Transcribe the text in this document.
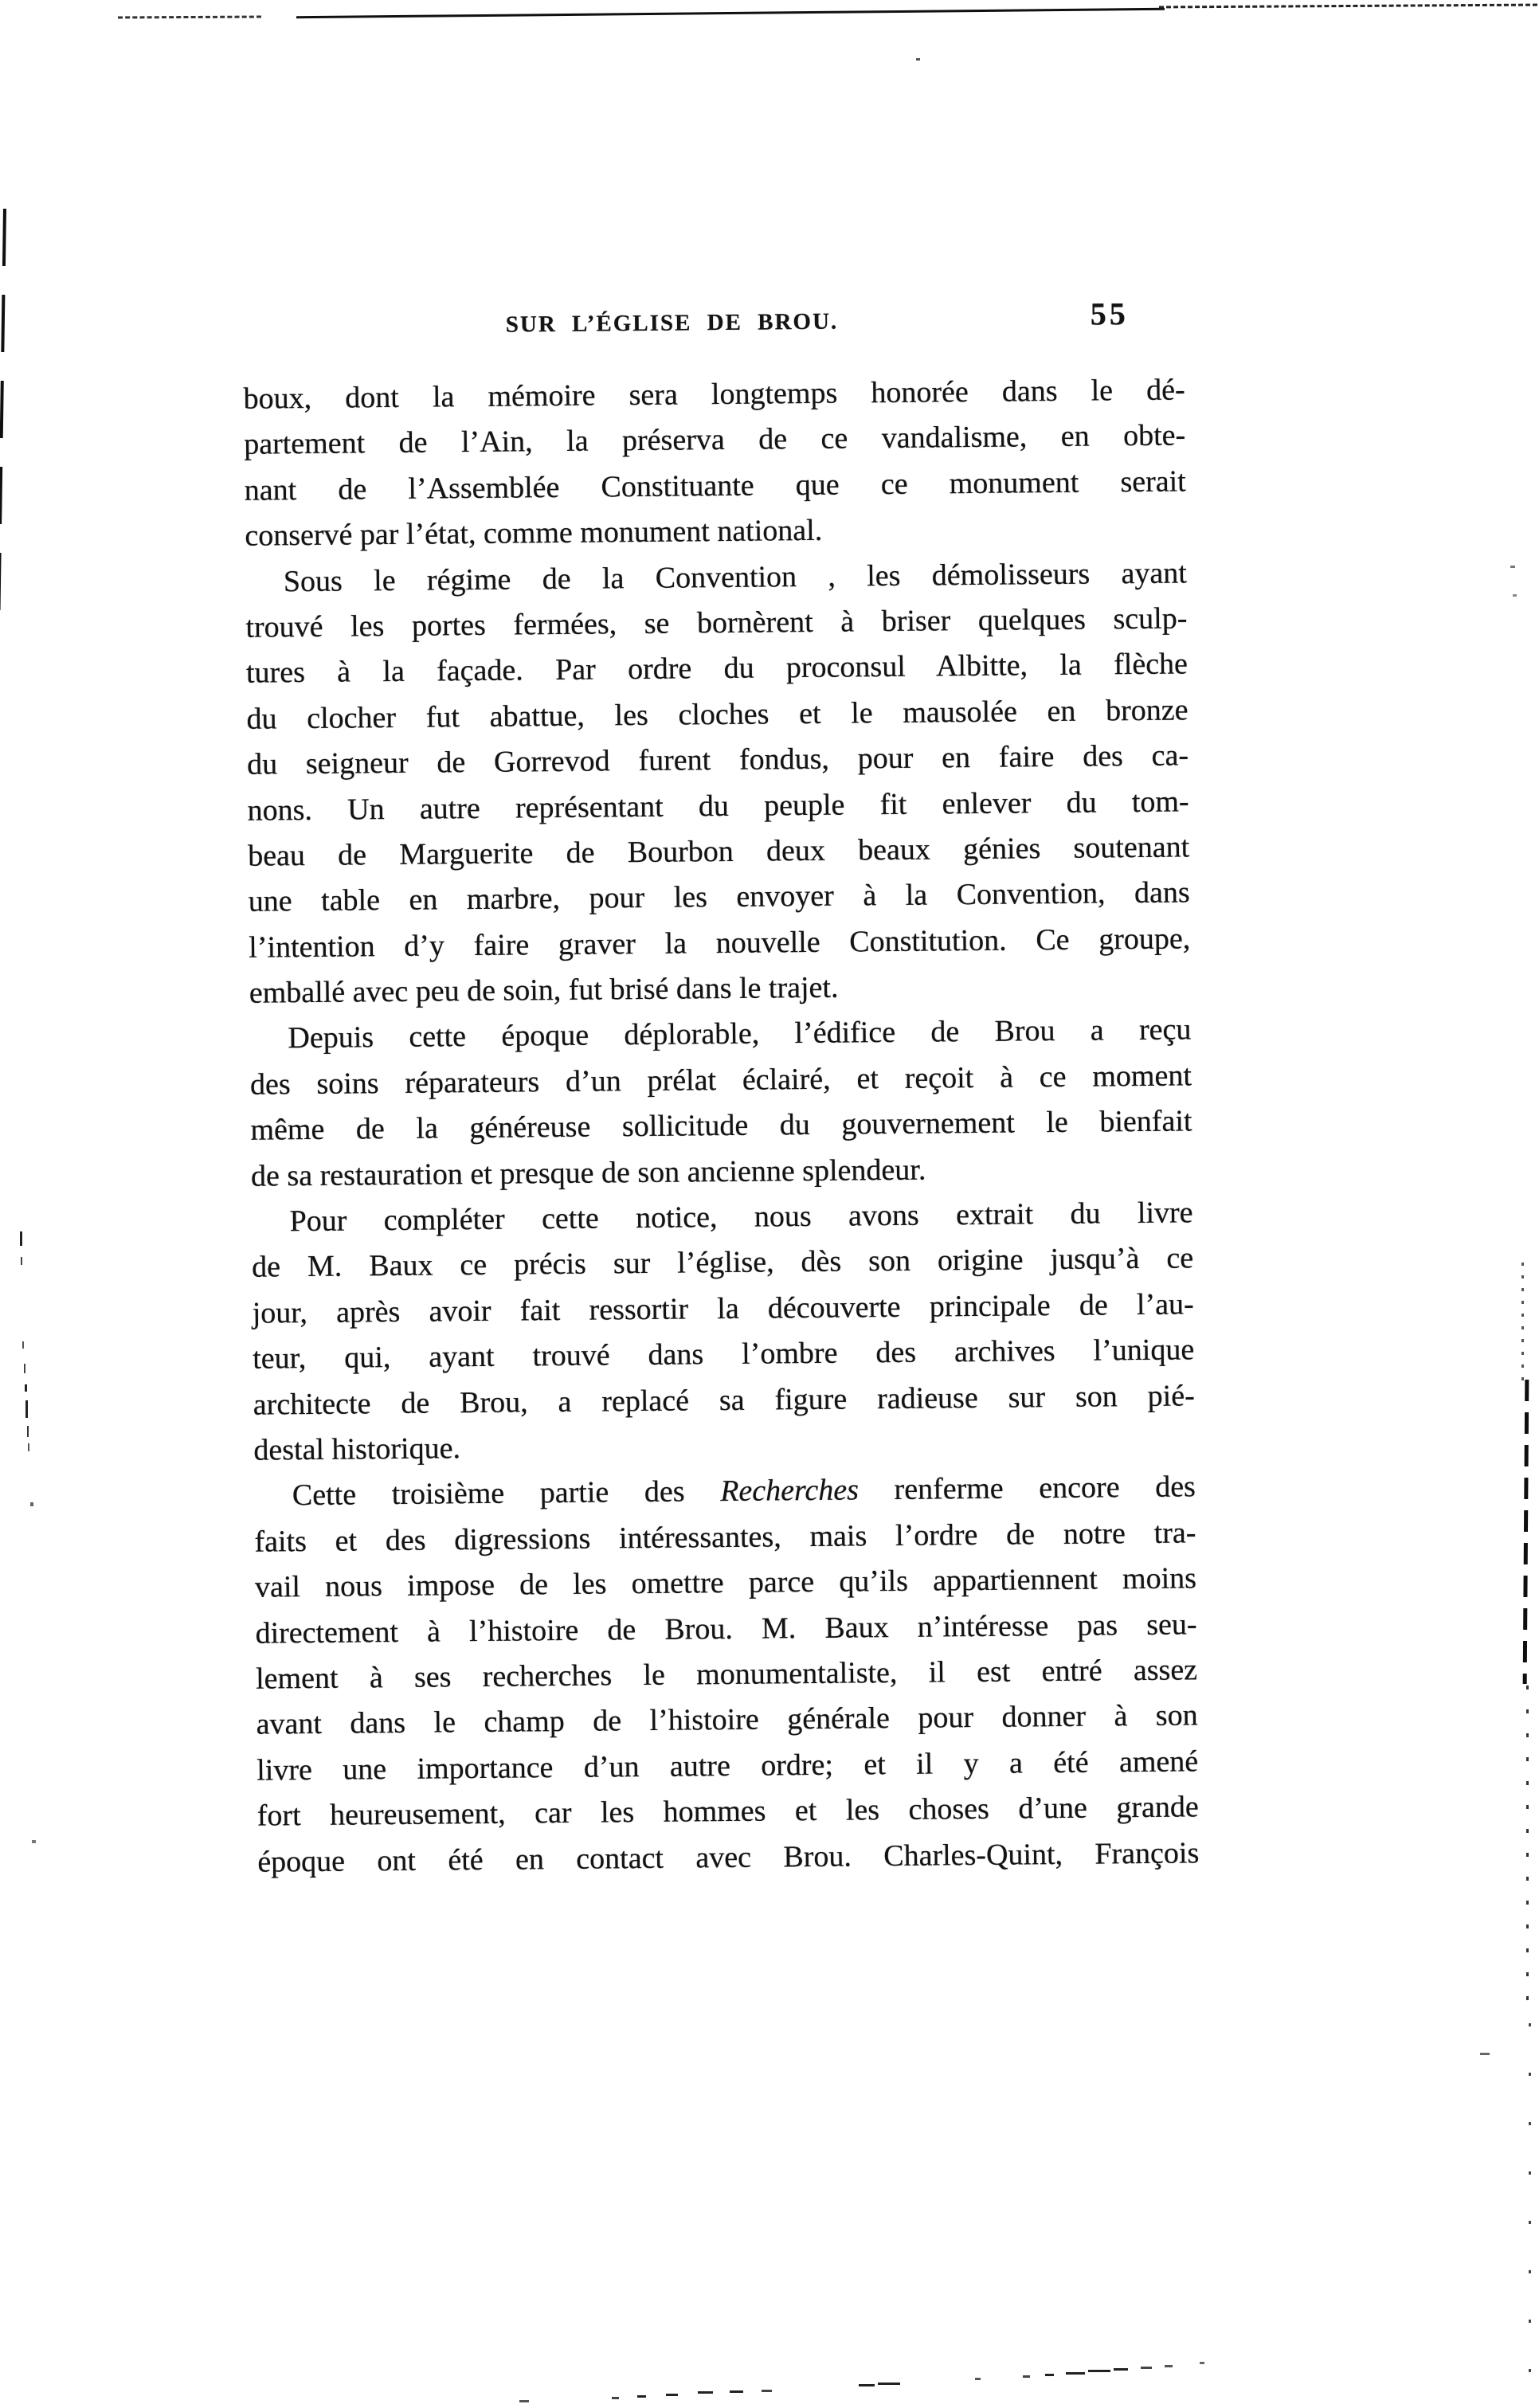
SUR L’ÉGLISE DE BROU.	55
boux, dont la mémoire sera longtemps honorée dans le dé-
partement de l’Ain, la préserva de ce vandalisme, en obte-
nant de l’Assemblée Constituante que ce monument serait
conservé par l’état, comme monument national.
Sous le régime de la Convention , les démolisseurs ayant
trouvé les portes fermées, se bornèrent à briser quelques sculp-
tures à la façade. Par ordre du proconsul Albitte, la flèche
du clocher fut abattue, les cloches et le mausolée en bronze
du seigneur de Gorrevod furent fondus, pour en faire des ca-
nons. Un autre représentant du peuple fit enlever du tom-
beau de Marguerite de Bourbon deux beaux génies soutenant
une table en marbre, pour les envoyer à la Convention, dans
l’intention d’y faire graver la nouvelle Constitution. Ce groupe,
emballé avec peu de soin, fut brisé dans le trajet.
Depuis cette époque déplorable, l’édifice de Brou a reçu
des soins réparateurs d’un prélat éclairé, et reçoit à ce moment
même de la généreuse sollicitude du gouvernement le bienfait
de sa restauration et presque de son ancienne splendeur.
Pour compléter cette notice, nous avons extrait du livre
de M. Baux ce précis sur l’église, dès son origine jusqu’à ce
jour, après avoir fait ressortir la découverte principale de l’au-
teur, qui, ayant trouvé dans l’ombre des archives l’unique
architecte de Brou, a replacé sa figure radieuse sur son pié-
destal historique.
Cette troisième partie des Recherches renferme encore des
faits et des digressions intéressantes, mais l’ordre de notre tra-
vail nous impose de les omettre parce qu’ils appartiennent moins
directement à l’histoire de Brou. M. Baux n’intéresse pas seu-
lement à ses recherches le monumentaliste, il est entré assez
avant dans le champ de l’histoire générale pour donner à son
livre une importance d’un autre ordre; et il y a été amené
fort heureusement, car les hommes et les choses d’une grande
époque ont été en contact avec Brou. Charles-Quint, François
